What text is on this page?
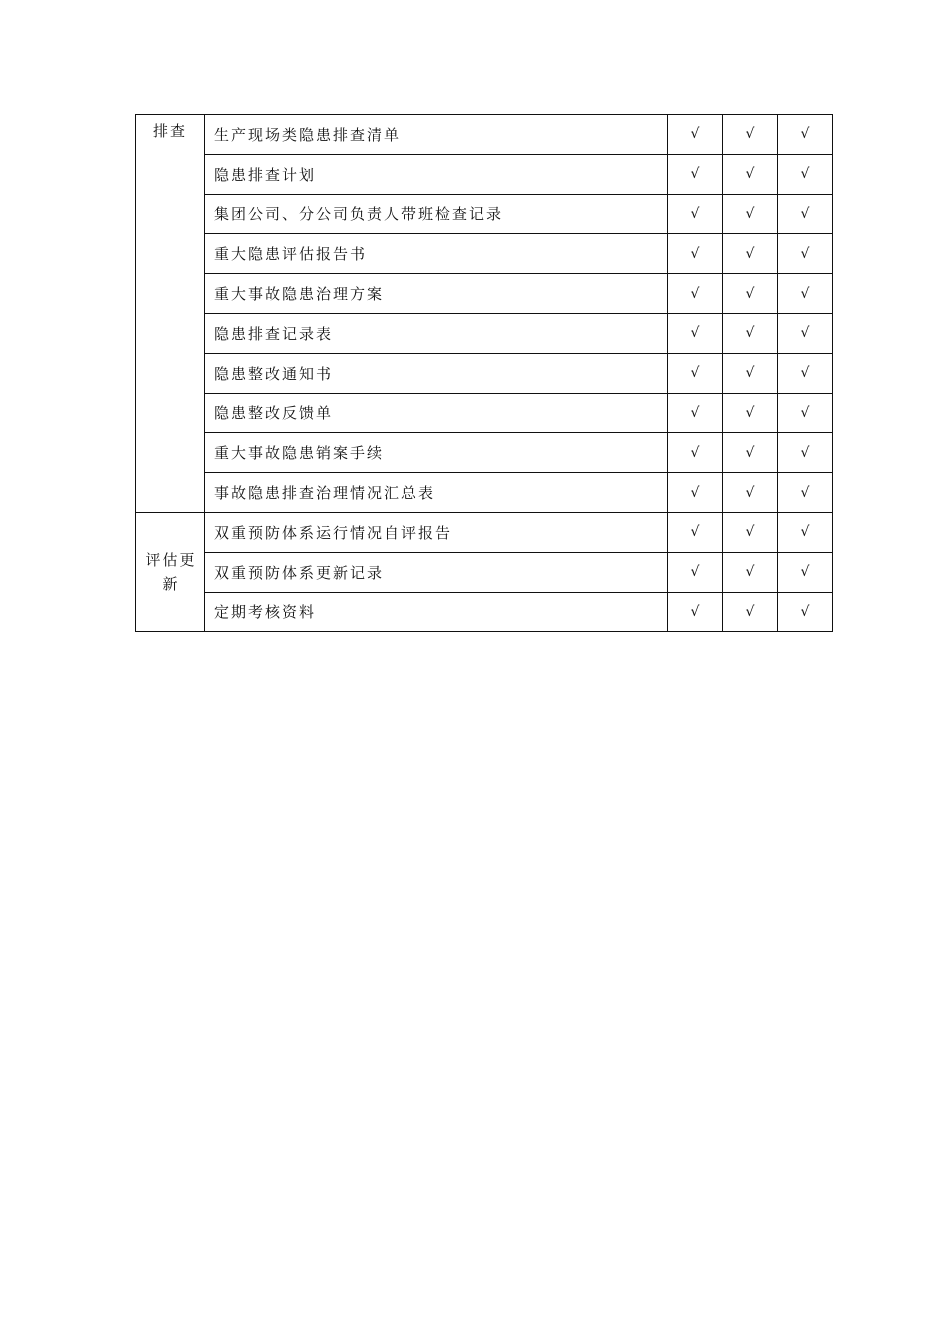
排查	生产现场类隐患排查清单	√	√	√
	隐患排查计划	√	√	√
	集团公司、分公司负责人带班检查记录	√	√	√
	重大隐患评估报告书	√	√	√
	重大事故隐患治理方案	√	√	√
	隐患排查记录表	√	√	√
	隐患整改通知书	√	√	√
	隐患整改反馈单	√	√	√
	重大事故隐患销案手续	√	√	√
	事故隐患排查治理情况汇总表	√	√	√
评估更新	双重预防体系运行情况自评报告	√	√	√
	双重预防体系更新记录	√	√	√
	定期考核资料	√	√	√
